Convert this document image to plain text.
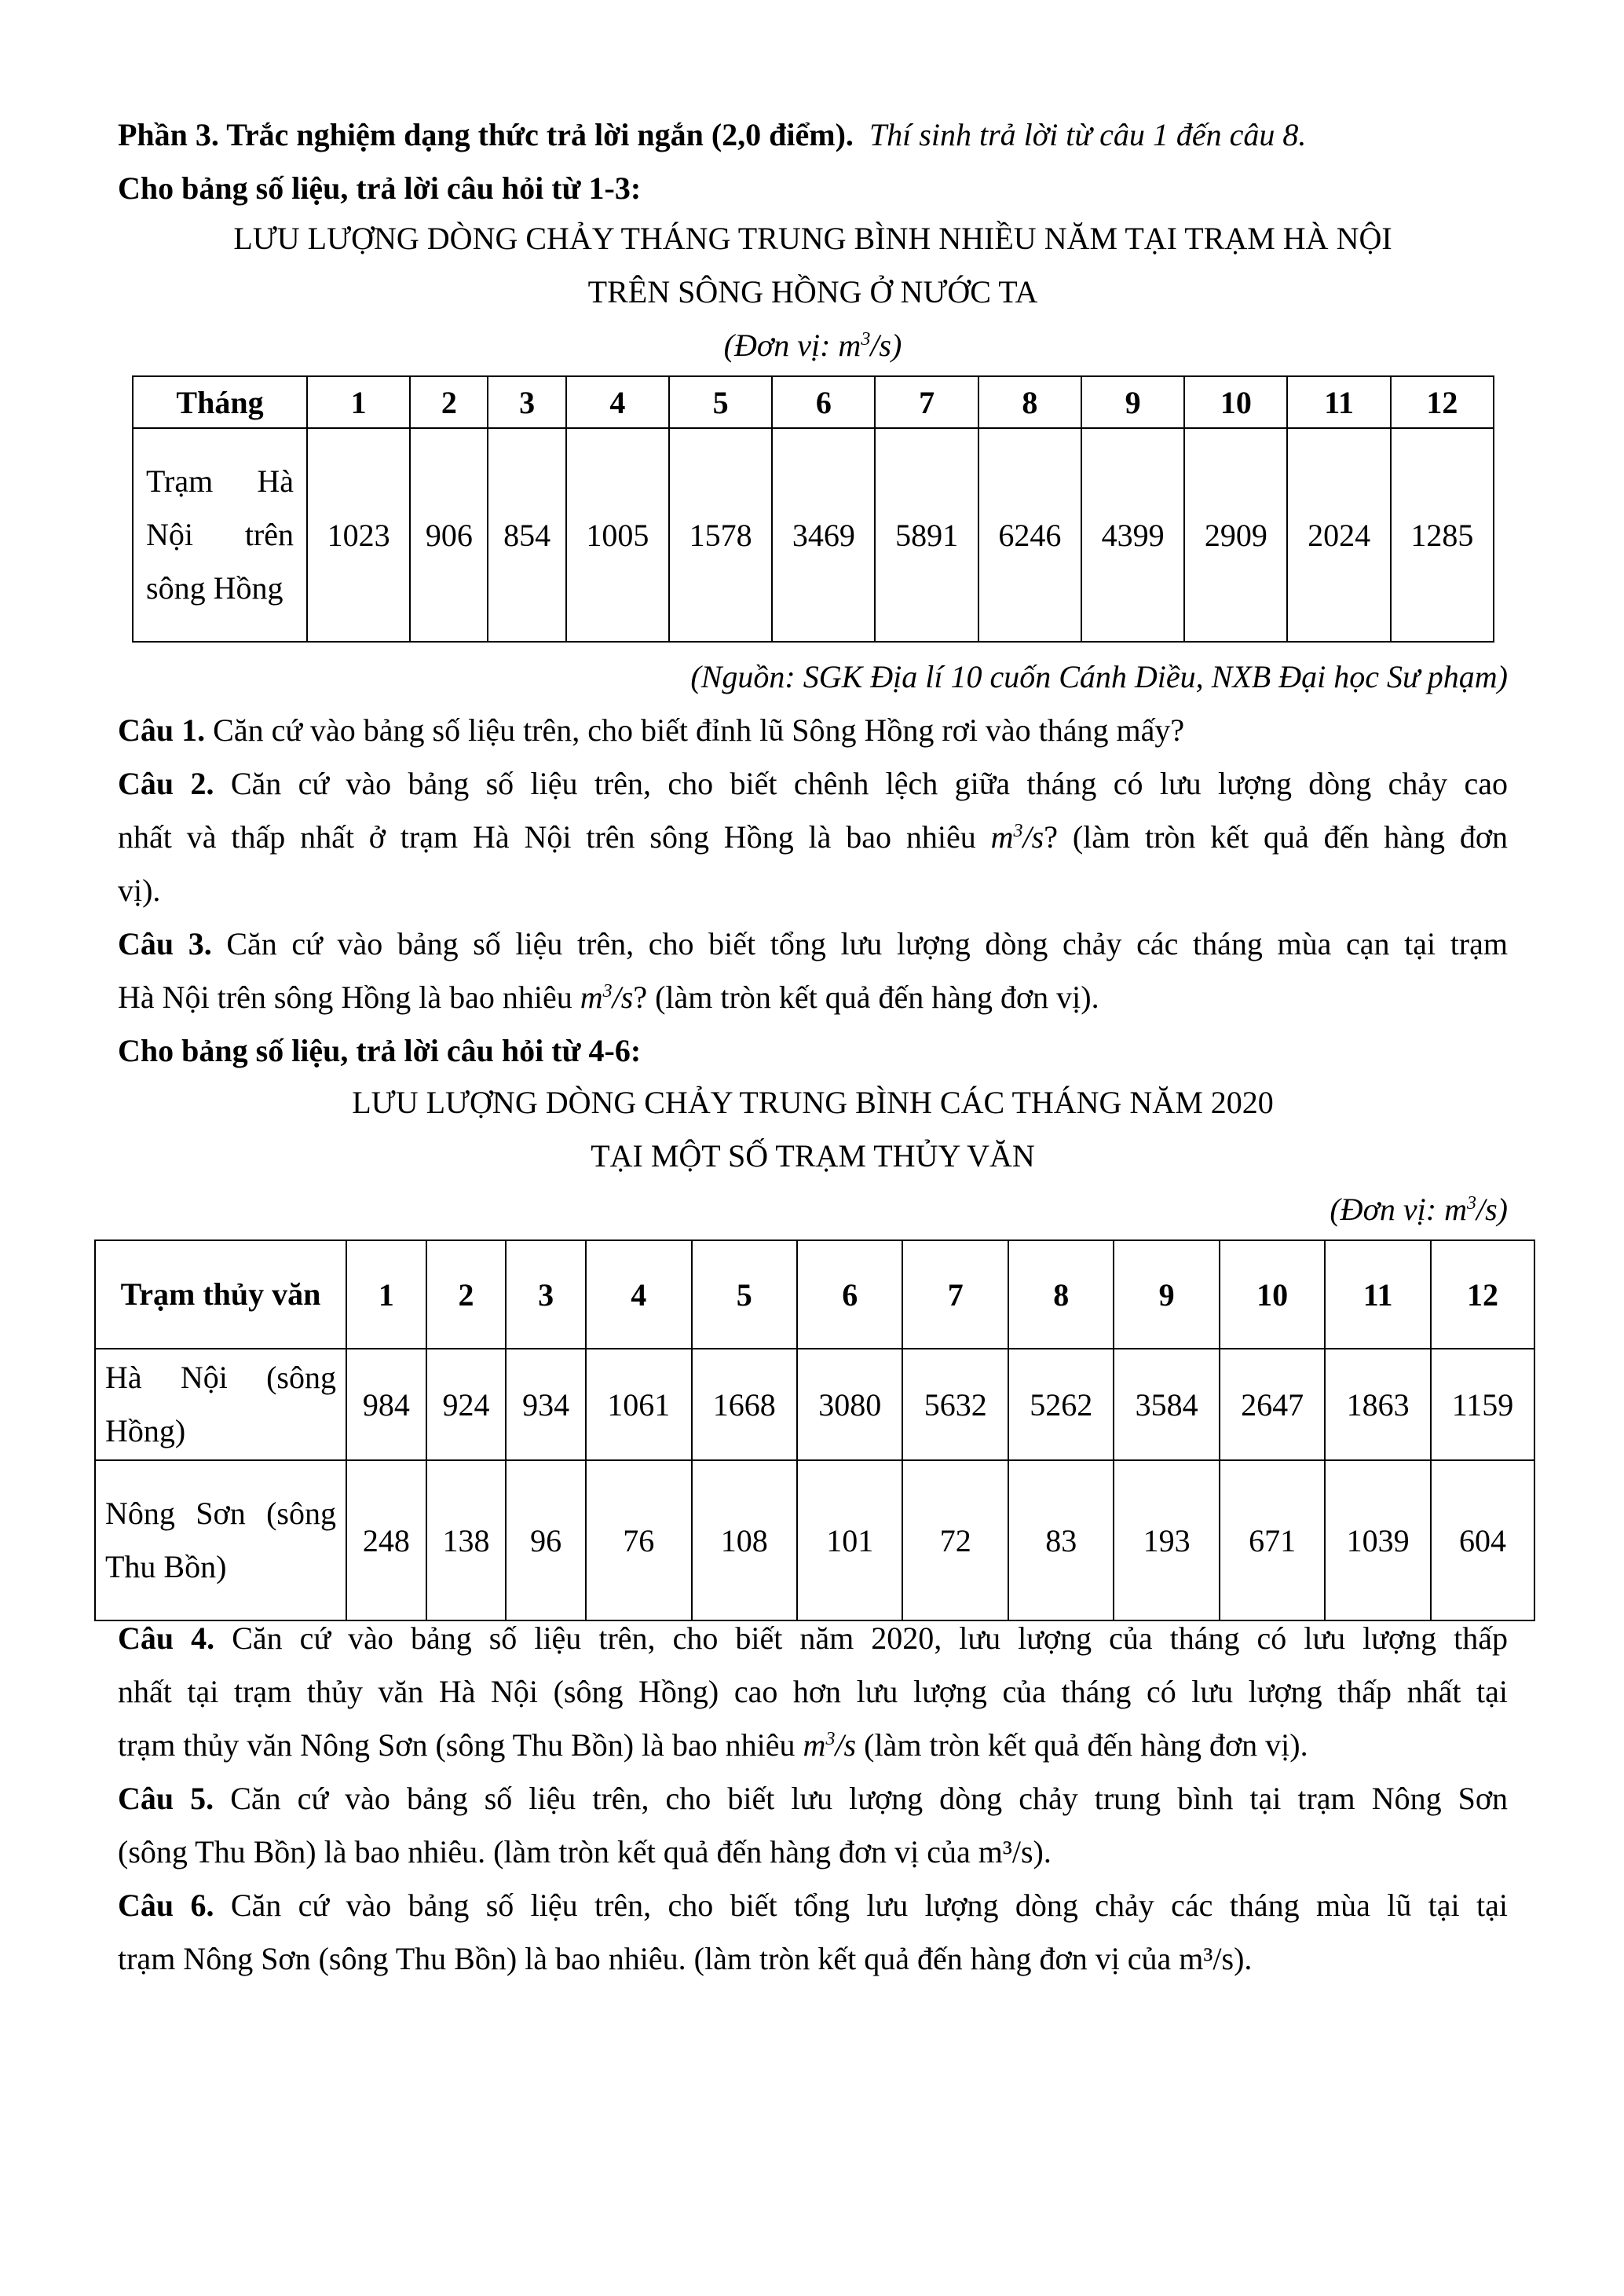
Phần 3. Trắc nghiệm dạng thức trả lời ngắn (2,0 điểm). Thí sinh trả lời từ câu 1 đến câu 8.
Cho bảng số liệu, trả lời câu hỏi từ 1-3:
LƯU LƯỢNG DÒNG CHẢY THÁNG TRUNG BÌNH NHIỀU NĂM TẠI TRẠM HÀ NỘI
TRÊN SÔNG HỒNG Ở NƯỚC TA
(Đơn vị: $m^3/s$)
Tháng	1	2	3	4	5	6	7	8	9	10	11	12
Trạm Hà Nội trên sông Hồng	1023	906	854	1005	1578	3469	5891	6246	4399	2909	2024	1285
(Nguồn: SGK Địa lí 10 cuốn Cánh Diều, NXB Đại học Sư phạm)
Câu 1. Căn cứ vào bảng số liệu trên, cho biết đỉnh lũ Sông Hồng rơi vào tháng mấy?
Câu 2. Căn cứ vào bảng số liệu trên, cho biết chênh lệch giữa tháng có lưu lượng dòng chảy cao
nhất và thấp nhất ở trạm Hà Nội trên sông Hồng là bao nhiêu $m^3/s$? (làm tròn kết quả đến hàng đơn
vị).
Câu 3. Căn cứ vào bảng số liệu trên, cho biết tổng lưu lượng dòng chảy các tháng mùa cạn tại trạm
Hà Nội trên sông Hồng là bao nhiêu $m^3/s$? (làm tròn kết quả đến hàng đơn vị).
Cho bảng số liệu, trả lời câu hỏi từ 4-6:
LƯU LƯỢNG DÒNG CHẢY TRUNG BÌNH CÁC THÁNG NĂM 2020
TẠI MỘT SỐ TRẠM THỦY VĂN
(Đơn vị: $m^3/s$)
Trạm thủy văn	1	2	3	4	5	6	7	8	9	10	11	12
Hà Nội (sông Hồng)	984	924	934	1061	1668	3080	5632	5262	3584	2647	1863	1159
Nông Sơn (sông Thu Bồn)	248	138	96	76	108	101	72	83	193	671	1039	604
Câu 4. Căn cứ vào bảng số liệu trên, cho biết năm 2020, lưu lượng của tháng có lưu lượng thấp
nhất tại trạm thủy văn Hà Nội (sông Hồng) cao hơn lưu lượng của tháng có lưu lượng thấp nhất tại
trạm thủy văn Nông Sơn (sông Thu Bồn) là bao nhiêu $m^3/s$ (làm tròn kết quả đến hàng đơn vị).
Câu 5. Căn cứ vào bảng số liệu trên, cho biết lưu lượng dòng chảy trung bình tại trạm Nông Sơn
(sông Thu Bồn) là bao nhiêu. (làm tròn kết quả đến hàng đơn vị của m³/s).
Câu 6. Căn cứ vào bảng số liệu trên, cho biết tổng lưu lượng dòng chảy các tháng mùa lũ tại tại
trạm Nông Sơn (sông Thu Bồn) là bao nhiêu. (làm tròn kết quả đến hàng đơn vị của m³/s).
